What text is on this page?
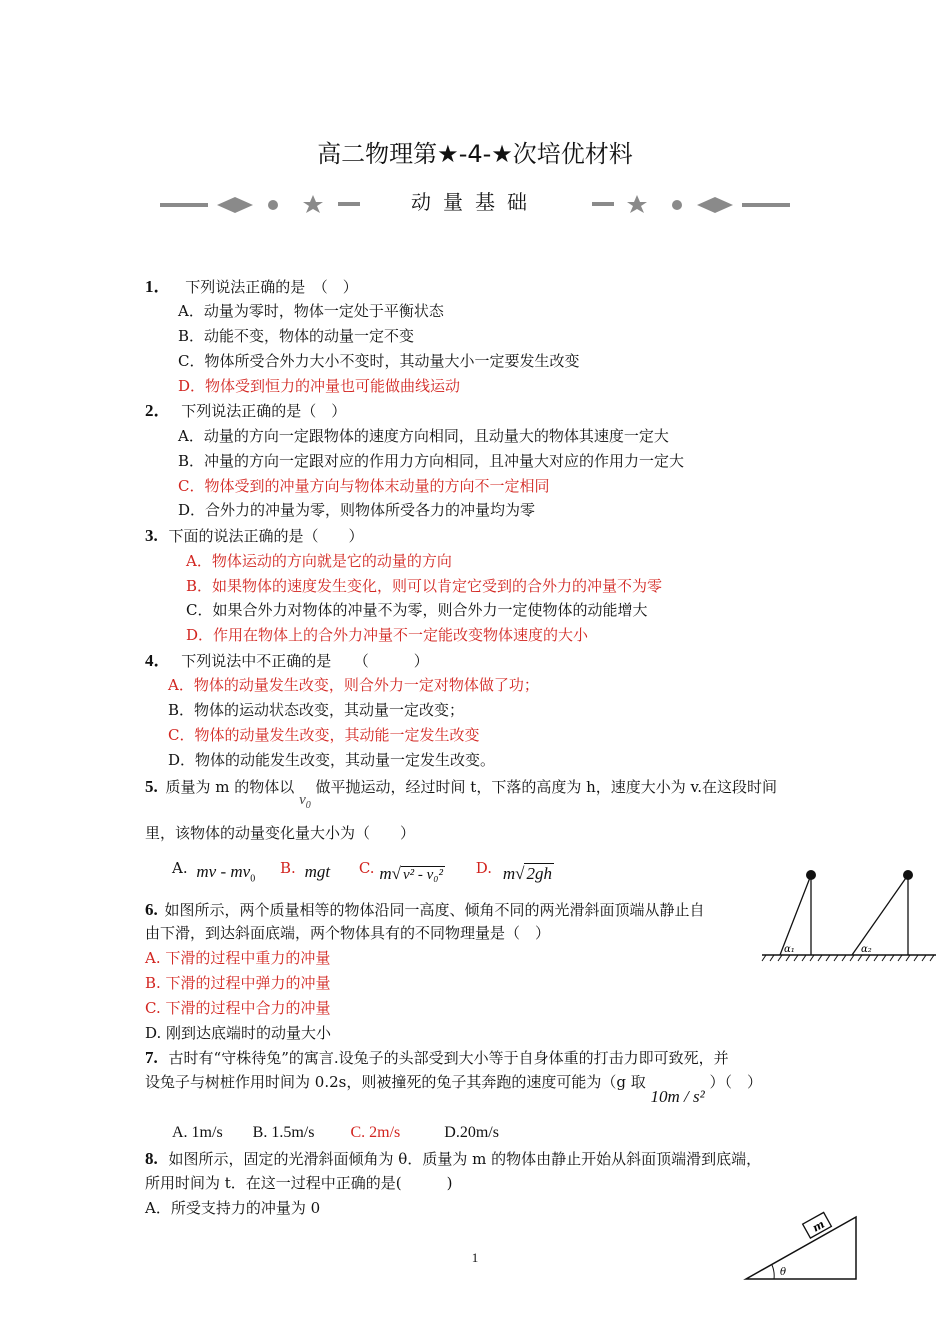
高二物理第★-4-★次培优材料
动量基础
1． 下列说法正确的是　（　）
A．动量为零时，物体一定处于平衡状态
B．动能不变，物体的动量一定不变
C．物体所受合外力大小不变时，其动量大小一定要发生改变
D．物体受到恒力的冲量也可能做曲线运动
2． 下列说法正确的是（　）
A．动量的方向一定跟物体的速度方向相同，且动量大的物体其速度一定大
B．冲量的方向一定跟对应的作用力方向相同，且冲量大对应的作用力一定大
C．物体受到的冲量方向与物体末动量的方向不一定相同
D．合外力的冲量为零，则物体所受各力的冲量均为零
3. 下面的说法正确的是（　　）
A．物体运动的方向就是它的动量的方向
B．如果物体的速度发生变化，则可以肯定它受到的合外力的冲量不为零
C．如果合外力对物体的冲量不为零，则合外力一定使物体的动能增大
D．作用在物体上的合外力冲量不一定能改变物体速度的大小
4． 下列说法中不正确的是　　（　　　）
A．物体的动量发生改变，则合外力一定对物体做了功；
B．物体的运动状态改变，其动量一定改变；
C．物体的动量发生改变，其动能一定发生改变
D．物体的动能发生改变，其动量一定发生改变。
5. 质量为 m 的物体以 $v_0$ 做平抛运动，经过时间 t，下落的高度为 h，速度大小为 v.在这段时间
里，该物体的动量变化量大小为（　　）
A. mv - $mv_0$ B. mgt C. m√ v² - v₀² D. m√ 2gh
6. 如图所示，两个质量相等的物体沿同一高度、倾角不同的两光滑斜面顶端从静止自
由下滑，到达斜面底端，两个物体具有的不同物理量是（　）
A. 下滑的过程中重力的冲量
B. 下滑的过程中弹力的冲量
C. 下滑的过程中合力的冲量
D. 刚到达底端时的动量大小
α₁	α₂
7. 古时有“守株待兔”的寓言.设兔子的头部受到大小等于自身体重的打击力即可致死，并
设兔子与树桩作用时间为 0.2s，则被撞死的兔子其奔跑的速度可能为（g 取 10m / s² ）（　）
A. 1m/s B. 1.5m/s C. 2m/s	D.20m/s
8. 如图所示，固定的光滑斜面倾角为 θ．质量为 m 的物体由静止开始从斜面顶端滑到底端，
所用时间为 t．在这一过程中正确的是(　　　)
A．所受支持力的冲量为 0
m
θ
1
